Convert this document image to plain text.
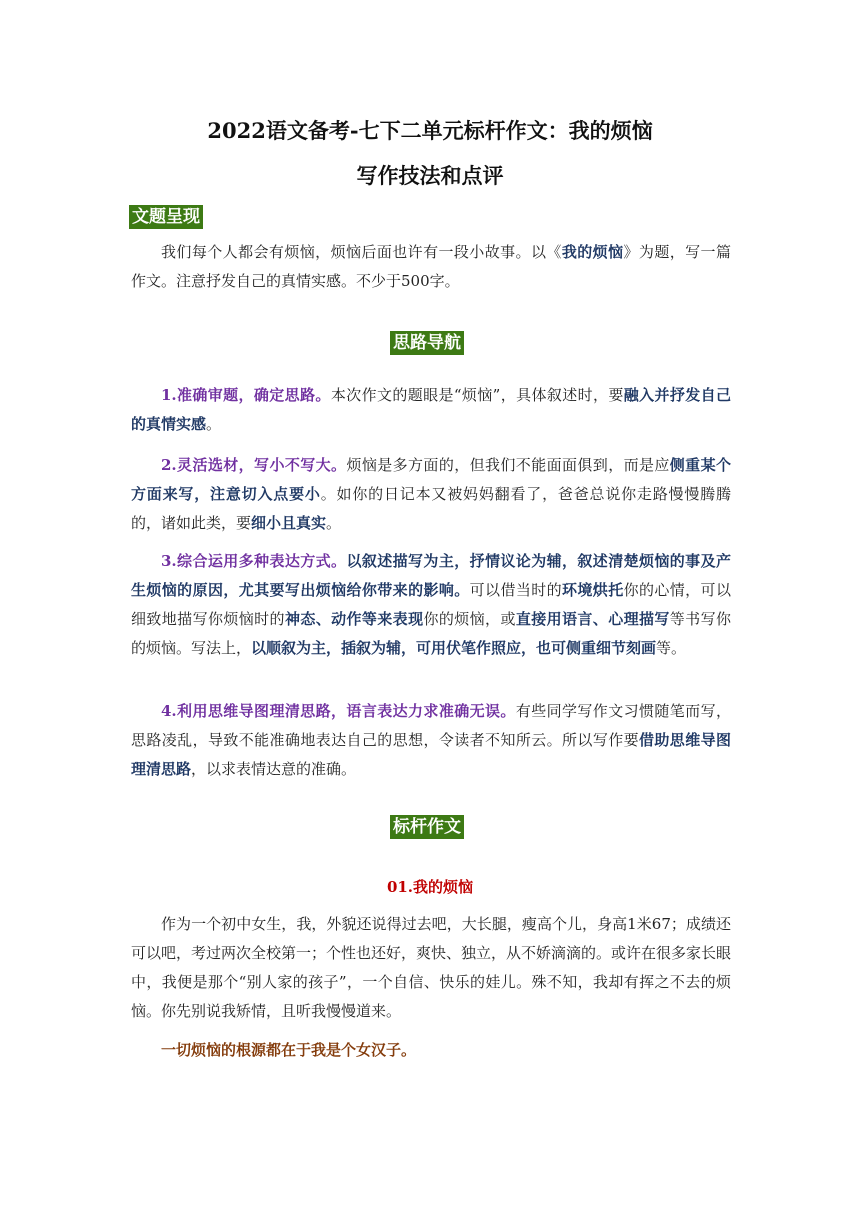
2022语文备考-七下二单元标杆作文：我的烦恼
写作技法和点评
文题呈现

我们每个人都会有烦恼，烦恼后面也许有一段小故事。以《我的烦恼》为题，写一篇作文。注意抒发自己的真情实感。不少于500字。

思路导航

1.准确审题，确定思路。本次作文的题眼是“烦恼”，具体叙述时，要融入并抒发自己的真情实感。

2.灵活选材，写小不写大。烦恼是多方面的，但我们不能面面俱到，而是应侧重某个方面来写，注意切入点要小。如你的日记本又被妈妈翻看了，爸爸总说你走路慢慢腾腾的，诸如此类，要细小且真实。

3.综合运用多种表达方式。以叙述描写为主，抒情议论为辅，叙述清楚烦恼的事及产生烦恼的原因，尤其要写出烦恼给你带来的影响。可以借当时的环境烘托你的心情，可以细致地描写你烦恼时的神态、动作等来表现你的烦恼，或直接用语言、心理描写等书写你的烦恼。写法上，以顺叙为主，插叙为辅，可用伏笔作照应，也可侧重细节刻画等。

4.利用思维导图理清思路，语言表达力求准确无误。有些同学写作文习惯随笔而写，思路凌乱，导致不能准确地表达自己的思想，令读者不知所云。所以写作要借助思维导图理清思路，以求表情达意的准确。

标杆作文
01.我的烦恼

作为一个初中女生，我，外貌还说得过去吧，大长腿，瘦高个儿，身高1米67；成绩还可以吧，考过两次全校第一；个性也还好，爽快、独立，从不娇滴滴的。或许在很多家长眼中，我便是那个“别人家的孩子”，一个自信、快乐的娃儿。殊不知，我却有挥之不去的烦恼。你先别说我矫情，且听我慢慢道来。

一切烦恼的根源都在于我是个女汉子。
